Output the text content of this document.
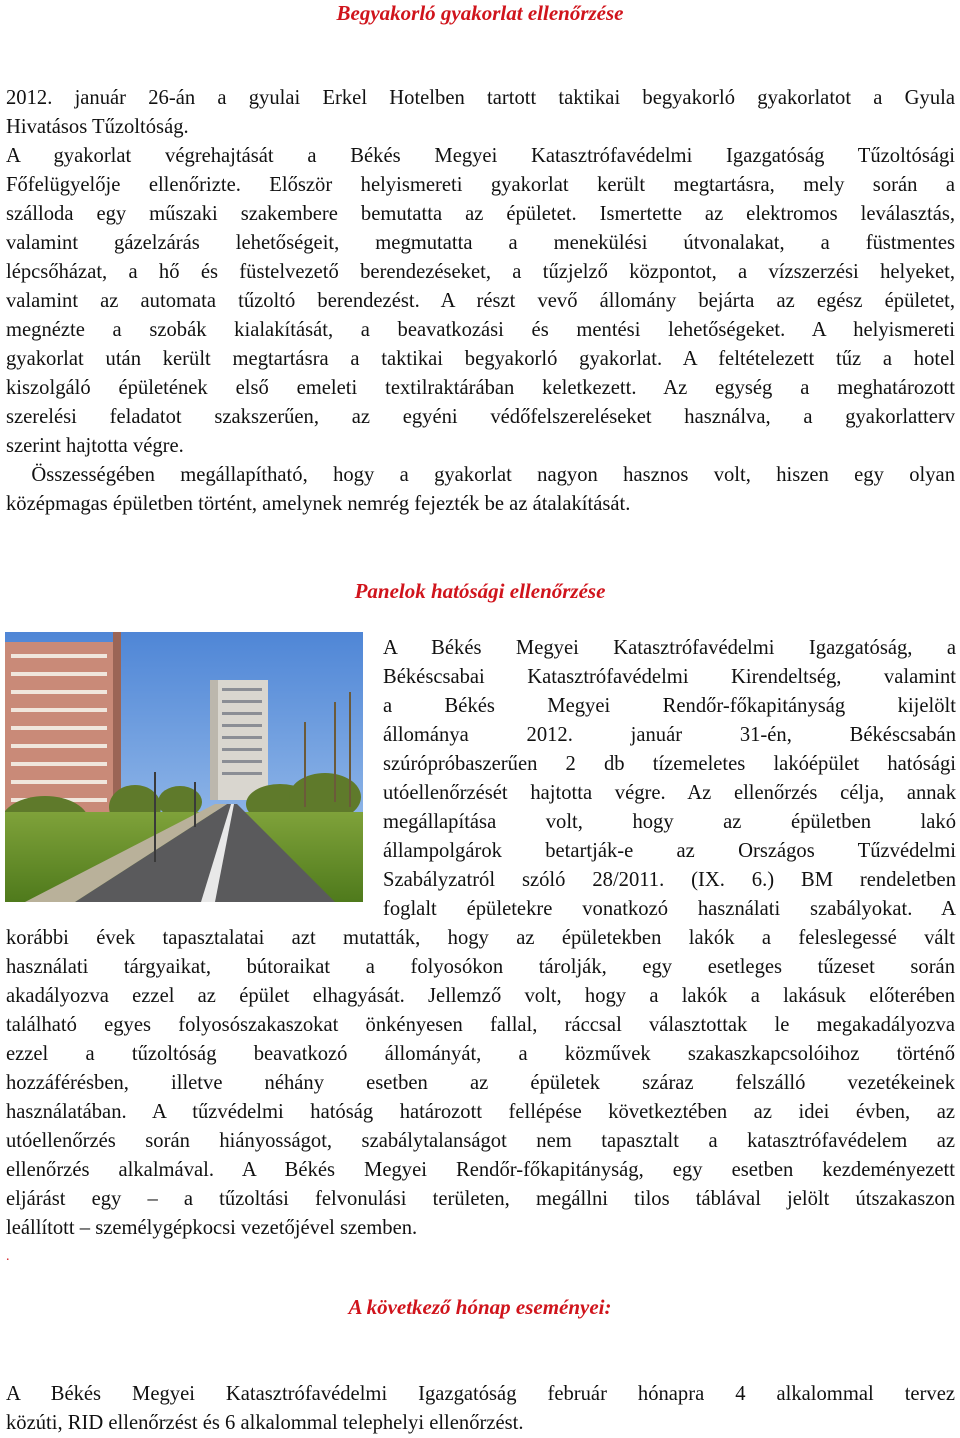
Begyakorló gyakorlat ellenőrzése
2012. január 26-án a gyulai Erkel Hotelben tartott taktikai begyakorló gyakorlatot a Gyula
Hivatásos Tűzoltóság.
A gyakorlat végrehajtását a Békés Megyei Katasztrófavédelmi Igazgatóság Tűzoltósági
Főfelügyelője ellenőrizte. Először helyismereti gyakorlat került megtartásra, mely során a
szálloda egy műszaki szakembere bemutatta az épületet. Ismertette az elektromos leválasztás,
valamint gázelzárás lehetőségeit, megmutatta a menekülési útvonalakat, a füstmentes
lépcsőházat, a hő és füstelvezető berendezéseket, a tűzjelző központot, a vízszerzési helyeket,
valamint az automata tűzoltó berendezést. A részt vevő állomány bejárta az egész épületet,
megnézte a szobák kialakítását, a beavatkozási és mentési lehetőségeket. A helyismereti
gyakorlat után került megtartásra a taktikai begyakorló gyakorlat. A feltételezett tűz a hotel
kiszolgáló épületének első emeleti textilraktárában keletkezett. Az egység a meghatározott
szerelési feladatot szakszerűen, az egyéni védőfelszereléseket használva, a gyakorlatterv
szerint hajtotta végre.
Összességében megállapítható, hogy a gyakorlat nagyon hasznos volt, hiszen egy olyan
középmagas épületben történt, amelynek nemrég fejezték be az átalakítását.
Panelok hatósági ellenőrzése
A Békés Megyei Katasztrófavédelmi Igazgatóság, a
Békéscsabai Katasztrófavédelmi Kirendeltség, valamint
a Békés Megyei Rendőr-főkapitányság kijelölt
állománya 2012. január 31-én, Békéscsabán
szúrópróbaszerűen 2 db tízemeletes lakóépület hatósági
utóellenőrzését hajtotta végre. Az ellenőrzés célja, annak
megállapítása volt, hogy az épületben lakó
állampolgárok betartják-e az Országos Tűzvédelmi
Szabályzatról szóló 28/2011. (IX. 6.) BM rendeletben
foglalt épületekre vonatkozó használati szabályokat. A
korábbi évek tapasztalatai azt mutatták, hogy az épületekben lakók a feleslegessé vált
használati tárgyaikat, bútoraikat a folyosókon tárolják, egy esetleges tűzeset során
akadályozva ezzel az épület elhagyását. Jellemző volt, hogy a lakók a lakásuk előterében
található egyes folyosószakaszokat önkényesen fallal, ráccsal választottak le megakadályozva
ezzel a tűzoltóság beavatkozó állományát, a közművek szakaszkapcsolóihoz történő
hozzáférésben, illetve néhány esetben az épületek száraz felszálló vezetékeinek
használatában. A tűzvédelmi hatóság határozott fellépése következtében az idei évben, az
utóellenőrzés során hiányosságot, szabálytalanságot nem tapasztalt a katasztrófavédelem az
ellenőrzés alkalmával. A Békés Megyei Rendőr-főkapitányság, egy esetben kezdeményezett
eljárást egy – a tűzoltási felvonulási területen, megállni tilos táblával jelölt útszakaszon
leállított – személygépkocsi vezetőjével szemben.
.
A következő hónap eseményei:
A Békés Megyei Katasztrófavédelmi Igazgatóság február hónapra 4 alkalommal tervez
közúti, RID ellenőrzést és 6 alkalommal telephelyi ellenőrzést.
